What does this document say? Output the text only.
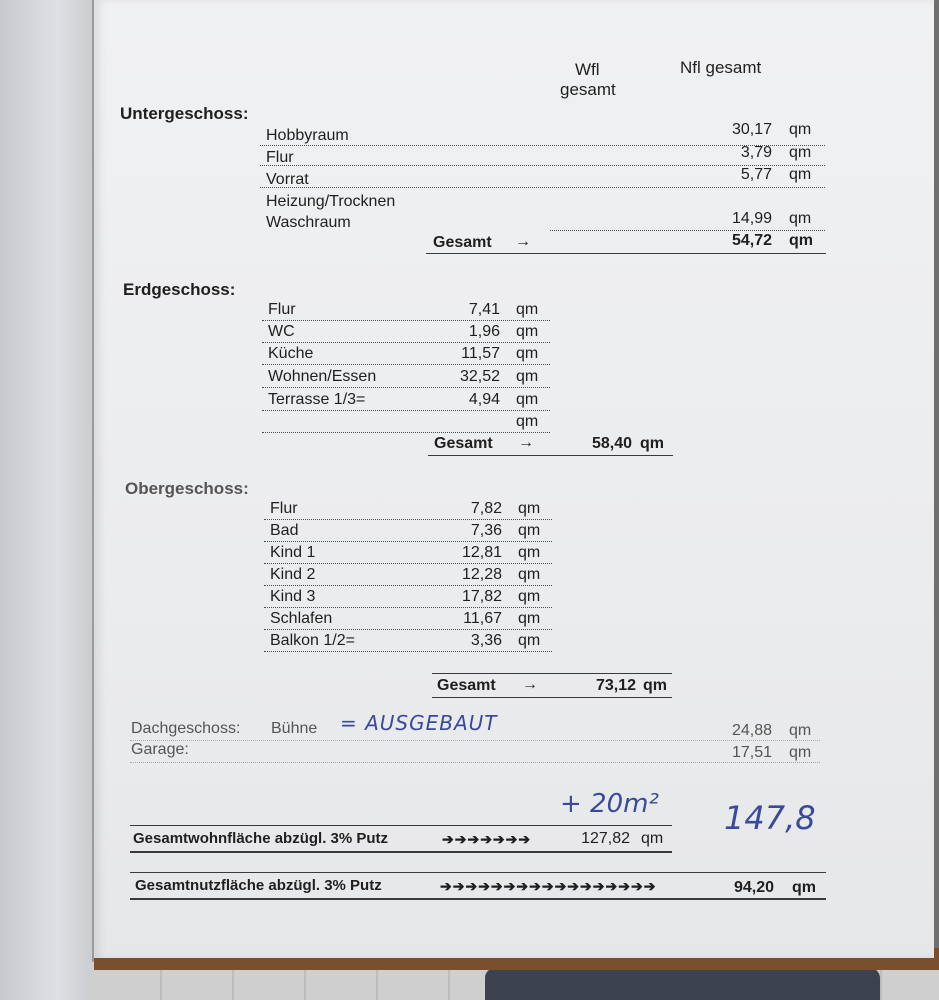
Wfl
gesamt
Nfl gesamt
Untergeschoss:
Hobbyraum	30,17 qm
Flur	3,79 qm
Vorrat	5,77 qm
Heizung/Trocknen
Waschraum	14,99 qm
Gesamt →	54,72 qm
Erdgeschoss:
Flur	7,41 qm
WC	1,96 qm
Küche	11,57 qm
Wohnen/Essen	32,52 qm
Terrasse 1/3=	4,94 qm
qm
Gesamt →	58,40 qm
Obergeschoss:
Flur	7,82 qm
Bad	7,36 qm
Kind 1	12,81 qm
Kind 2	12,28 qm
Kind 3	17,82 qm
Schlafen	11,67 qm
Balkon 1/2=	3,36 qm
Gesamt →	73,12 qm
Dachgeschoss: Bühne = AUSGEBAUT	24,88 qm
Garage:	17,51 qm
+ 20m²
Gesamtwohnfläche abzügl. 3% Putz	➔➔➔➔➔➔➔	127,82 qm
147,8
Gesamtnutzfläche abzügl. 3% Putz	➔➔➔➔➔➔➔➔➔➔➔➔➔➔➔➔➔	94,20 qm
